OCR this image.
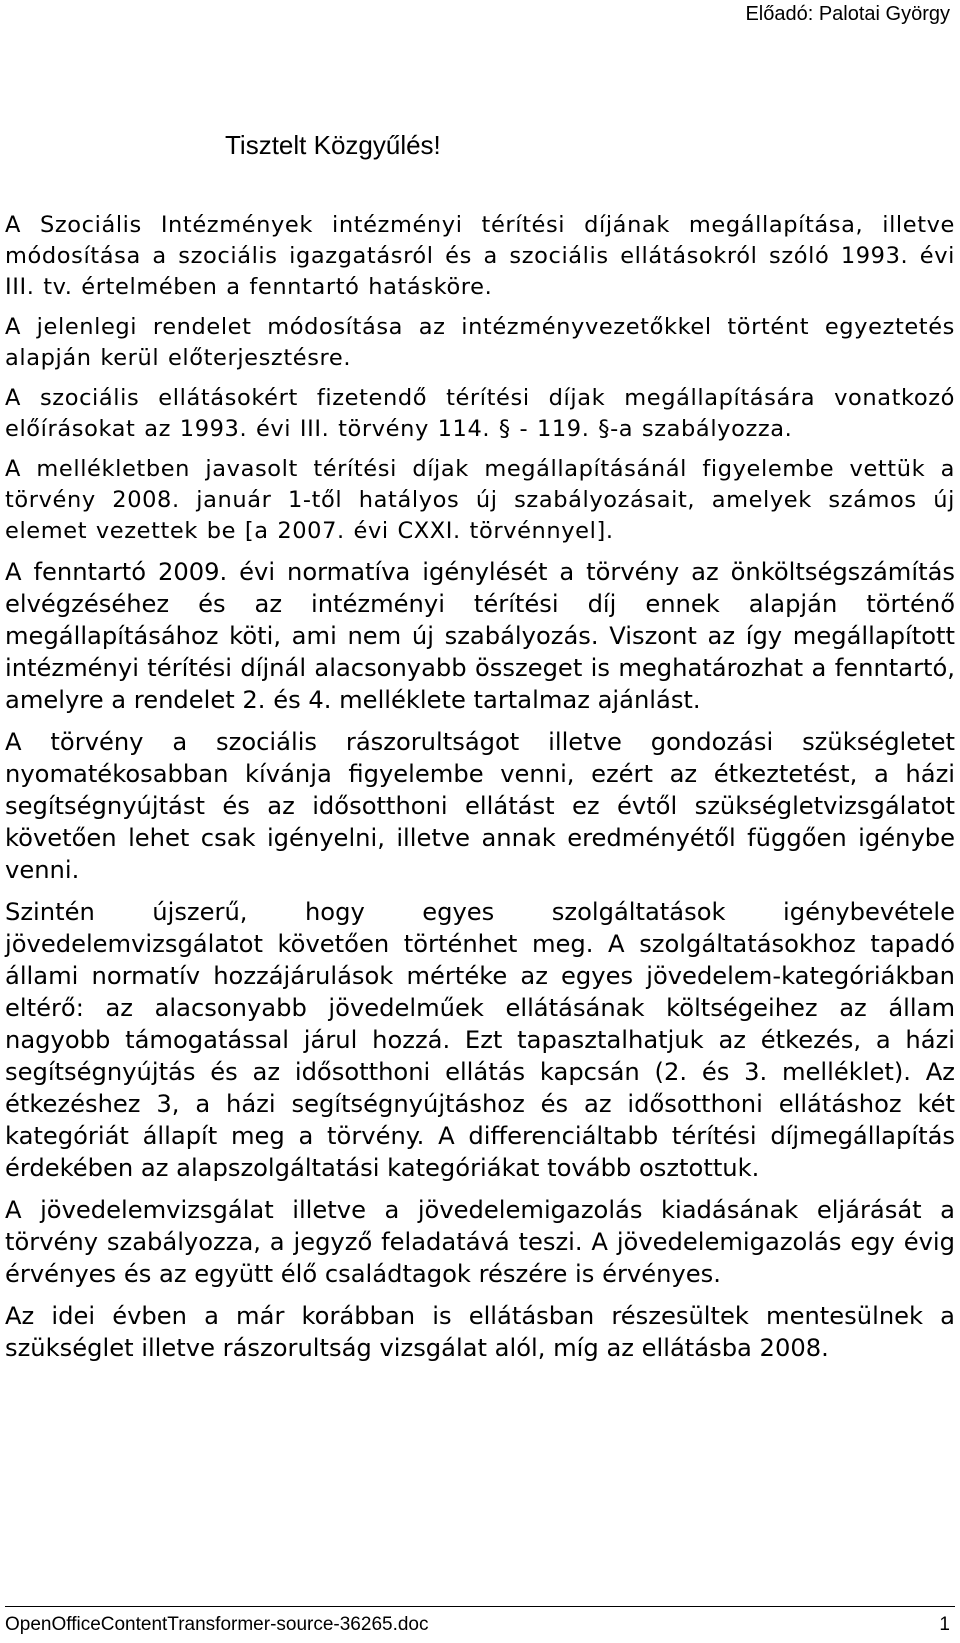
Előadó: Palotai György
Tisztelt Közgyűlés!

A Szociális Intézmények intézményi térítési díjának megállapítása, illetve módosítása a szociális igazgatásról és a szociális ellátásokról szóló 1993. évi III. tv. értelmében a fenntartó hatásköre.

A jelenlegi rendelet módosítása az intézményvezetőkkel történt egyeztetés alapján kerül előterjesztésre.

A szociális ellátásokért fizetendő térítési díjak megállapítására vonatkozó előírásokat az 1993. évi III. törvény 114. § - 119. §-a szabályozza.

A mellékletben javasolt térítési díjak megállapításánál figyelembe vettük a törvény 2008. január 1-től hatályos új szabályozásait, amelyek számos új elemet vezettek be [a 2007. évi CXXI. törvénnyel].

A fenntartó 2009. évi normatíva igénylését a törvény az önköltségszámítás elvégzéséhez és az intézményi térítési díj ennek alapján történő megállapításához köti, ami nem új szabályozás. Viszont az így megállapított intézményi térítési díjnál alacsonyabb összeget is meghatározhat a fenntartó, amelyre a rendelet 2. és 4. melléklete tartalmaz ajánlást.

A törvény a szociális rászorultságot illetve gondozási szükségletet nyomatékosabban kívánja figyelembe venni, ezért az étkeztetést, a házi segítségnyújtást és az idősotthoni ellátást ez évtől szükségletvizsgálatot követően lehet csak igényelni, illetve annak eredményétől függően igénybe venni.

Szintén újszerű, hogy egyes szolgáltatások igénybevétele jövedelemvizsgálatot követően történhet meg. A szolgáltatásokhoz tapadó állami normatív hozzájárulások mértéke az egyes jövedelem-kategóriákban eltérő: az alacsonyabb jövedelműek ellátásának költségeihez az állam nagyobb támogatással járul hozzá. Ezt tapasztalhatjuk az étkezés, a házi segítségnyújtás és az idősotthoni ellátás kapcsán (2. és 3. melléklet). Az étkezéshez 3, a házi segítségnyújtáshoz és az idősotthoni ellátáshoz két kategóriát állapít meg a törvény. A differenciáltabb térítési díjmegállapítás érdekében az alapszolgáltatási kategóriákat tovább osztottuk.

A jövedelemvizsgálat illetve a jövedelemigazolás kiadásának eljárását a törvény szabályozza, a jegyző feladatává teszi. A jövedelemigazolás egy évig érvényes és az együtt élő családtagok részére is érvényes.

Az idei évben a már korábban is ellátásban részesültek mentesülnek a szükséglet illetve rászorultság vizsgálat alól, míg az ellátásba 2008.

OpenOfficeContentTransformer-source-36265.doc	1
